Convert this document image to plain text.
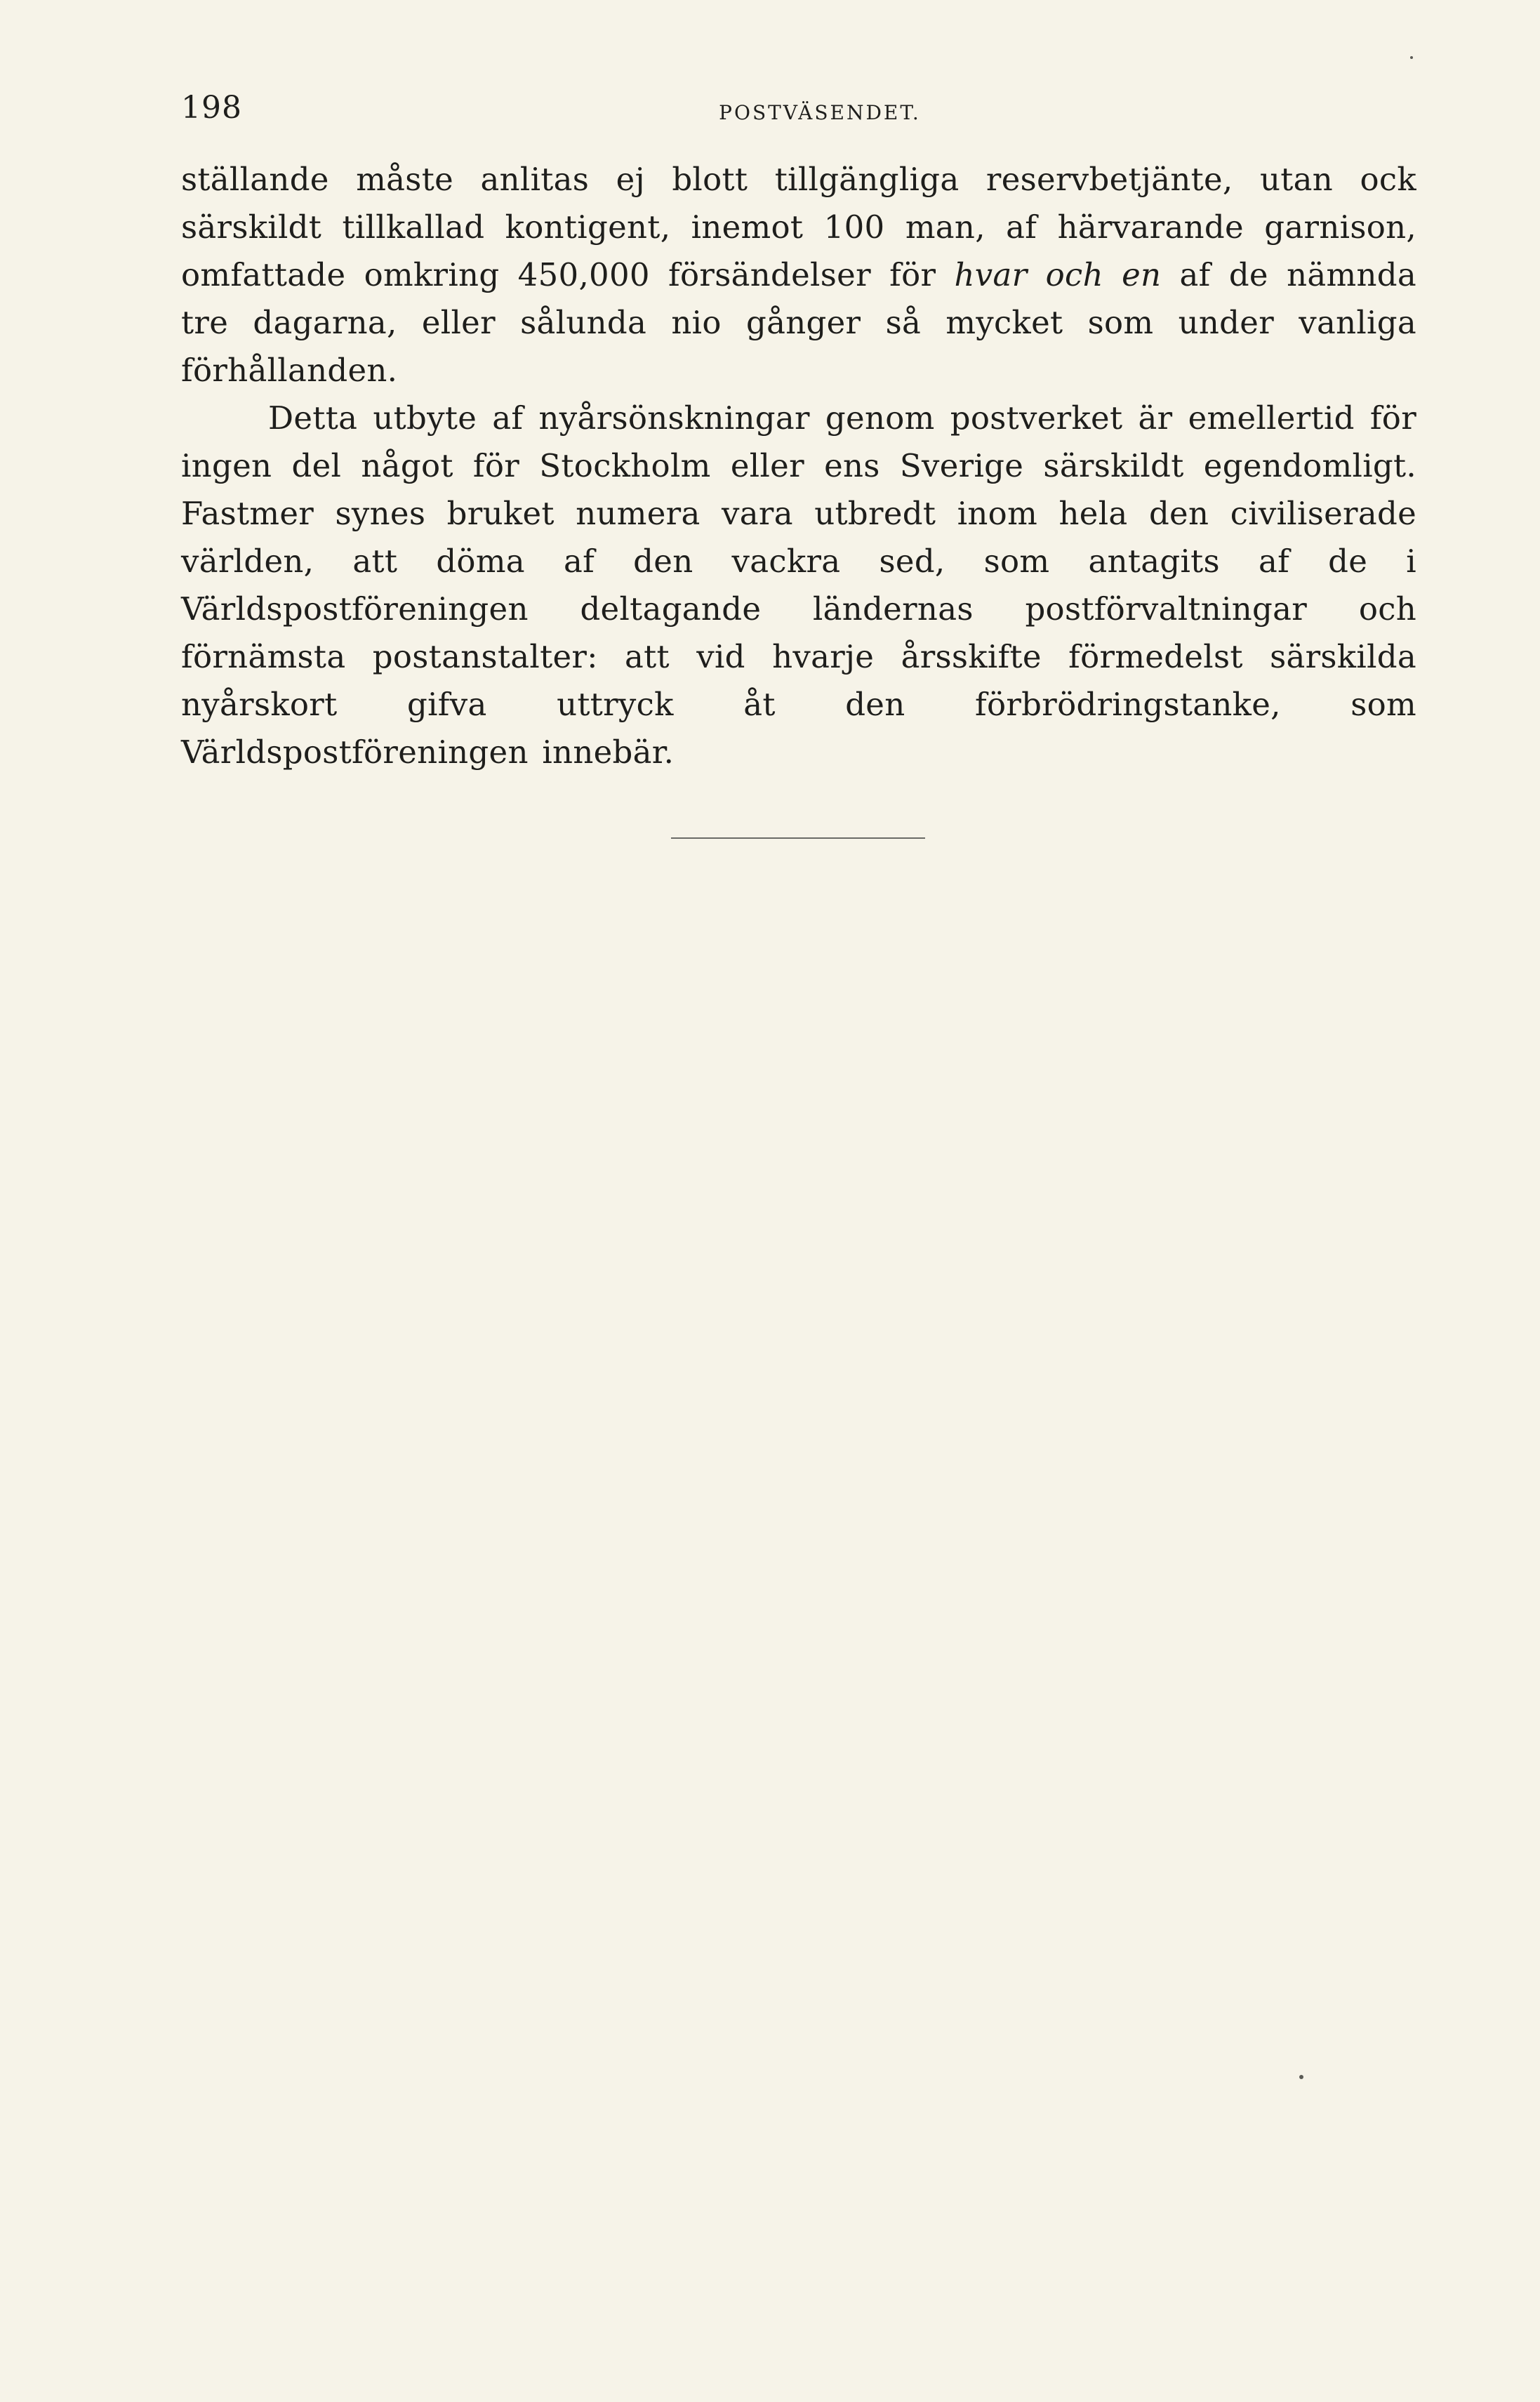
198	POSTVÄSENDET.

ställande måste anlitas ej blott tillgängliga reservbetjänte, utan ock särskildt tillkallad kontigent, inemot 100 man, af härvarande garnison, omfattade omkring 450,000 försändelser för hvar och en af de nämnda tre dagarna, eller sålunda nio gånger så mycket som under vanliga förhållanden.

Detta utbyte af nyårsönskningar genom postverket är emellertid för ingen del något för Stockholm eller ens Sverige särskildt egendomligt. Fastmer synes bruket numera vara utbredt inom hela den civiliserade världen, att döma af den vackra sed, som antagits af de i Världspostföreningen deltagande ländernas postförvaltningar och förnämsta postanstalter: att vid hvarje årsskifte förmedelst särskilda nyårskort gifva uttryck åt den förbrödringstanke, som Världspostföreningen innebär.
